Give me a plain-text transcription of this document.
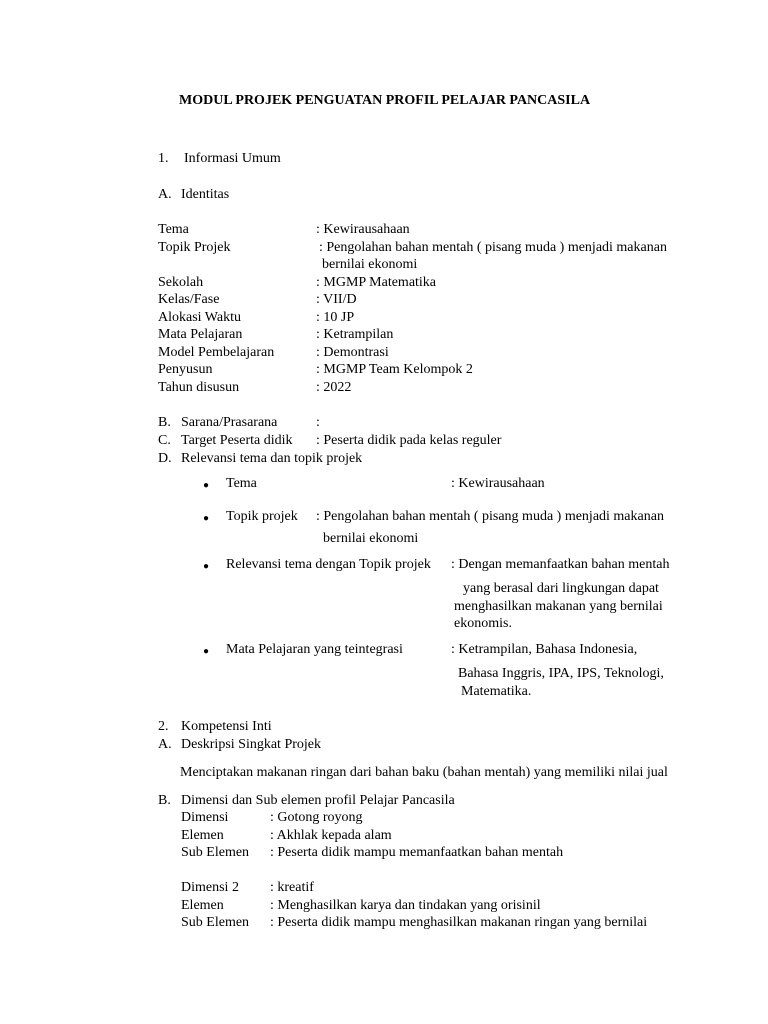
MODUL PROJEK PENGUATAN PROFIL PELAJAR PANCASILA
1. Informasi Umum
A. Identitas
Tema	: Kewirausahaan
Topik Projek	: Pengolahan bahan mentah ( pisang muda ) menjadi makanan
bernilai ekonomi
Sekolah	: MGMP Matematika
Kelas/Fase	: VII/D
Alokasi Waktu	: 10 JP
Mata Pelajaran	: Ketrampilan
Model Pembelajaran	: Demontrasi
Penyusun	: MGMP Team Kelompok 2
Tahun disusun	: 2022
B. Sarana/Prasarana	:
C. Target Peserta didik : Peserta didik pada kelas reguler
D. Relevansi tema dan topik projek
● Tema	: Kewirausahaan
● Topik projek : Pengolahan bahan mentah ( pisang muda ) menjadi makanan
bernilai ekonomi
● Relevansi tema dengan Topik projek : Dengan memanfaatkan bahan mentah
yang berasal dari lingkungan dapat
menghasilkan makanan yang bernilai
ekonomis.
● Mata Pelajaran yang teintegrasi	: Ketrampilan, Bahasa Indonesia,
Bahasa Inggris, IPA, IPS, Teknologi,
Matematika.
2. Kompetensi Inti
A. Deskripsi Singkat Projek
Menciptakan makanan ringan dari bahan baku (bahan mentah) yang memiliki nilai jual
B. Dimensi dan Sub elemen profil Pelajar Pancasila
Dimensi	: Gotong royong
Elemen	: Akhlak kepada alam
Sub Elemen : Peserta didik mampu memanfaatkan bahan mentah
Dimensi 2 : kreatif
Elemen	: Menghasilkan karya dan tindakan yang orisinil
Sub Elemen : Peserta didik mampu menghasilkan makanan ringan yang bernilai
